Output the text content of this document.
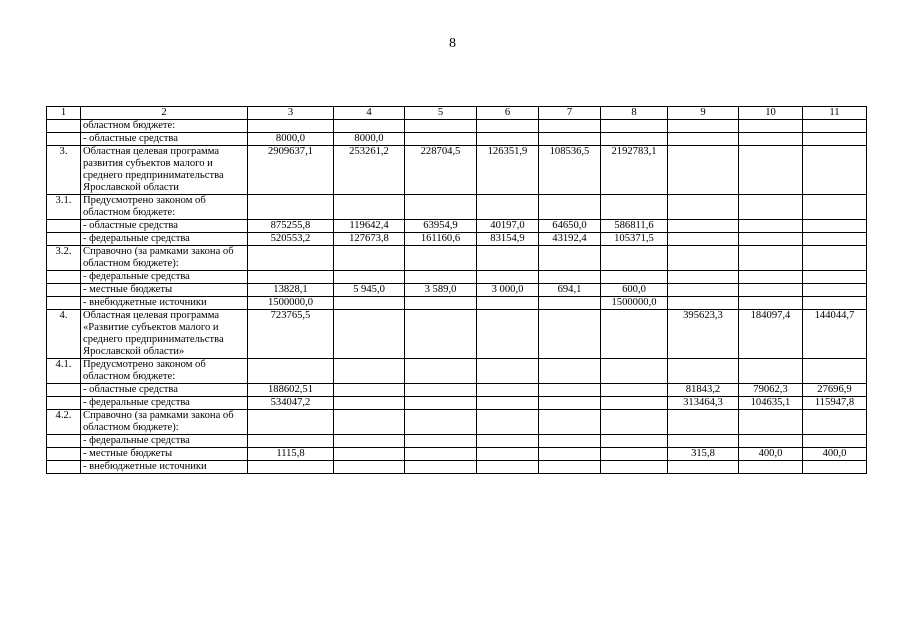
8
1	2	3	4	5	6	7	8	9	10	11
	областном бюджете:									
	- областные средства	8000,0	8000,0							
3.	Областная целевая программа развития субъектов малого и среднего предпринимательства Ярославской области	2909637,1	253261,2	228704,5	126351,9	108536,5	2192783,1			
3.1.	Предусмотрено законом об областном бюджете:									
	- областные средства	875255,8	119642,4	63954,9	40197,0	64650,0	586811,6			
	- федеральные средства	520553,2	127673,8	161160,6	83154,9	43192,4	105371,5			
3.2.	Справочно (за рамками закона об областном бюджете):									
	- федеральные средства									
	- местные бюджеты	13828,1	5 945,0	3 589,0	3 000,0	694,1	600,0			
	- внебюджетные источники	1500000,0					1500000,0			
4.	Областная целевая программа «Развитие субъектов малого и среднего предпринимательства Ярославской области»	723765,5						395623,3	184097,4	144044,7
4.1.	Предусмотрено законом об областном бюджете:									
	- областные средства	188602,51						81843,2	79062,3	27696,9
	- федеральные средства	534047,2						313464,3	104635,1	115947,8
4.2.	Справочно (за рамками закона об областном бюджете):									
	- федеральные средства									
	- местные бюджеты	1115,8						315,8	400,0	400,0
	- внебюджетные источники									
